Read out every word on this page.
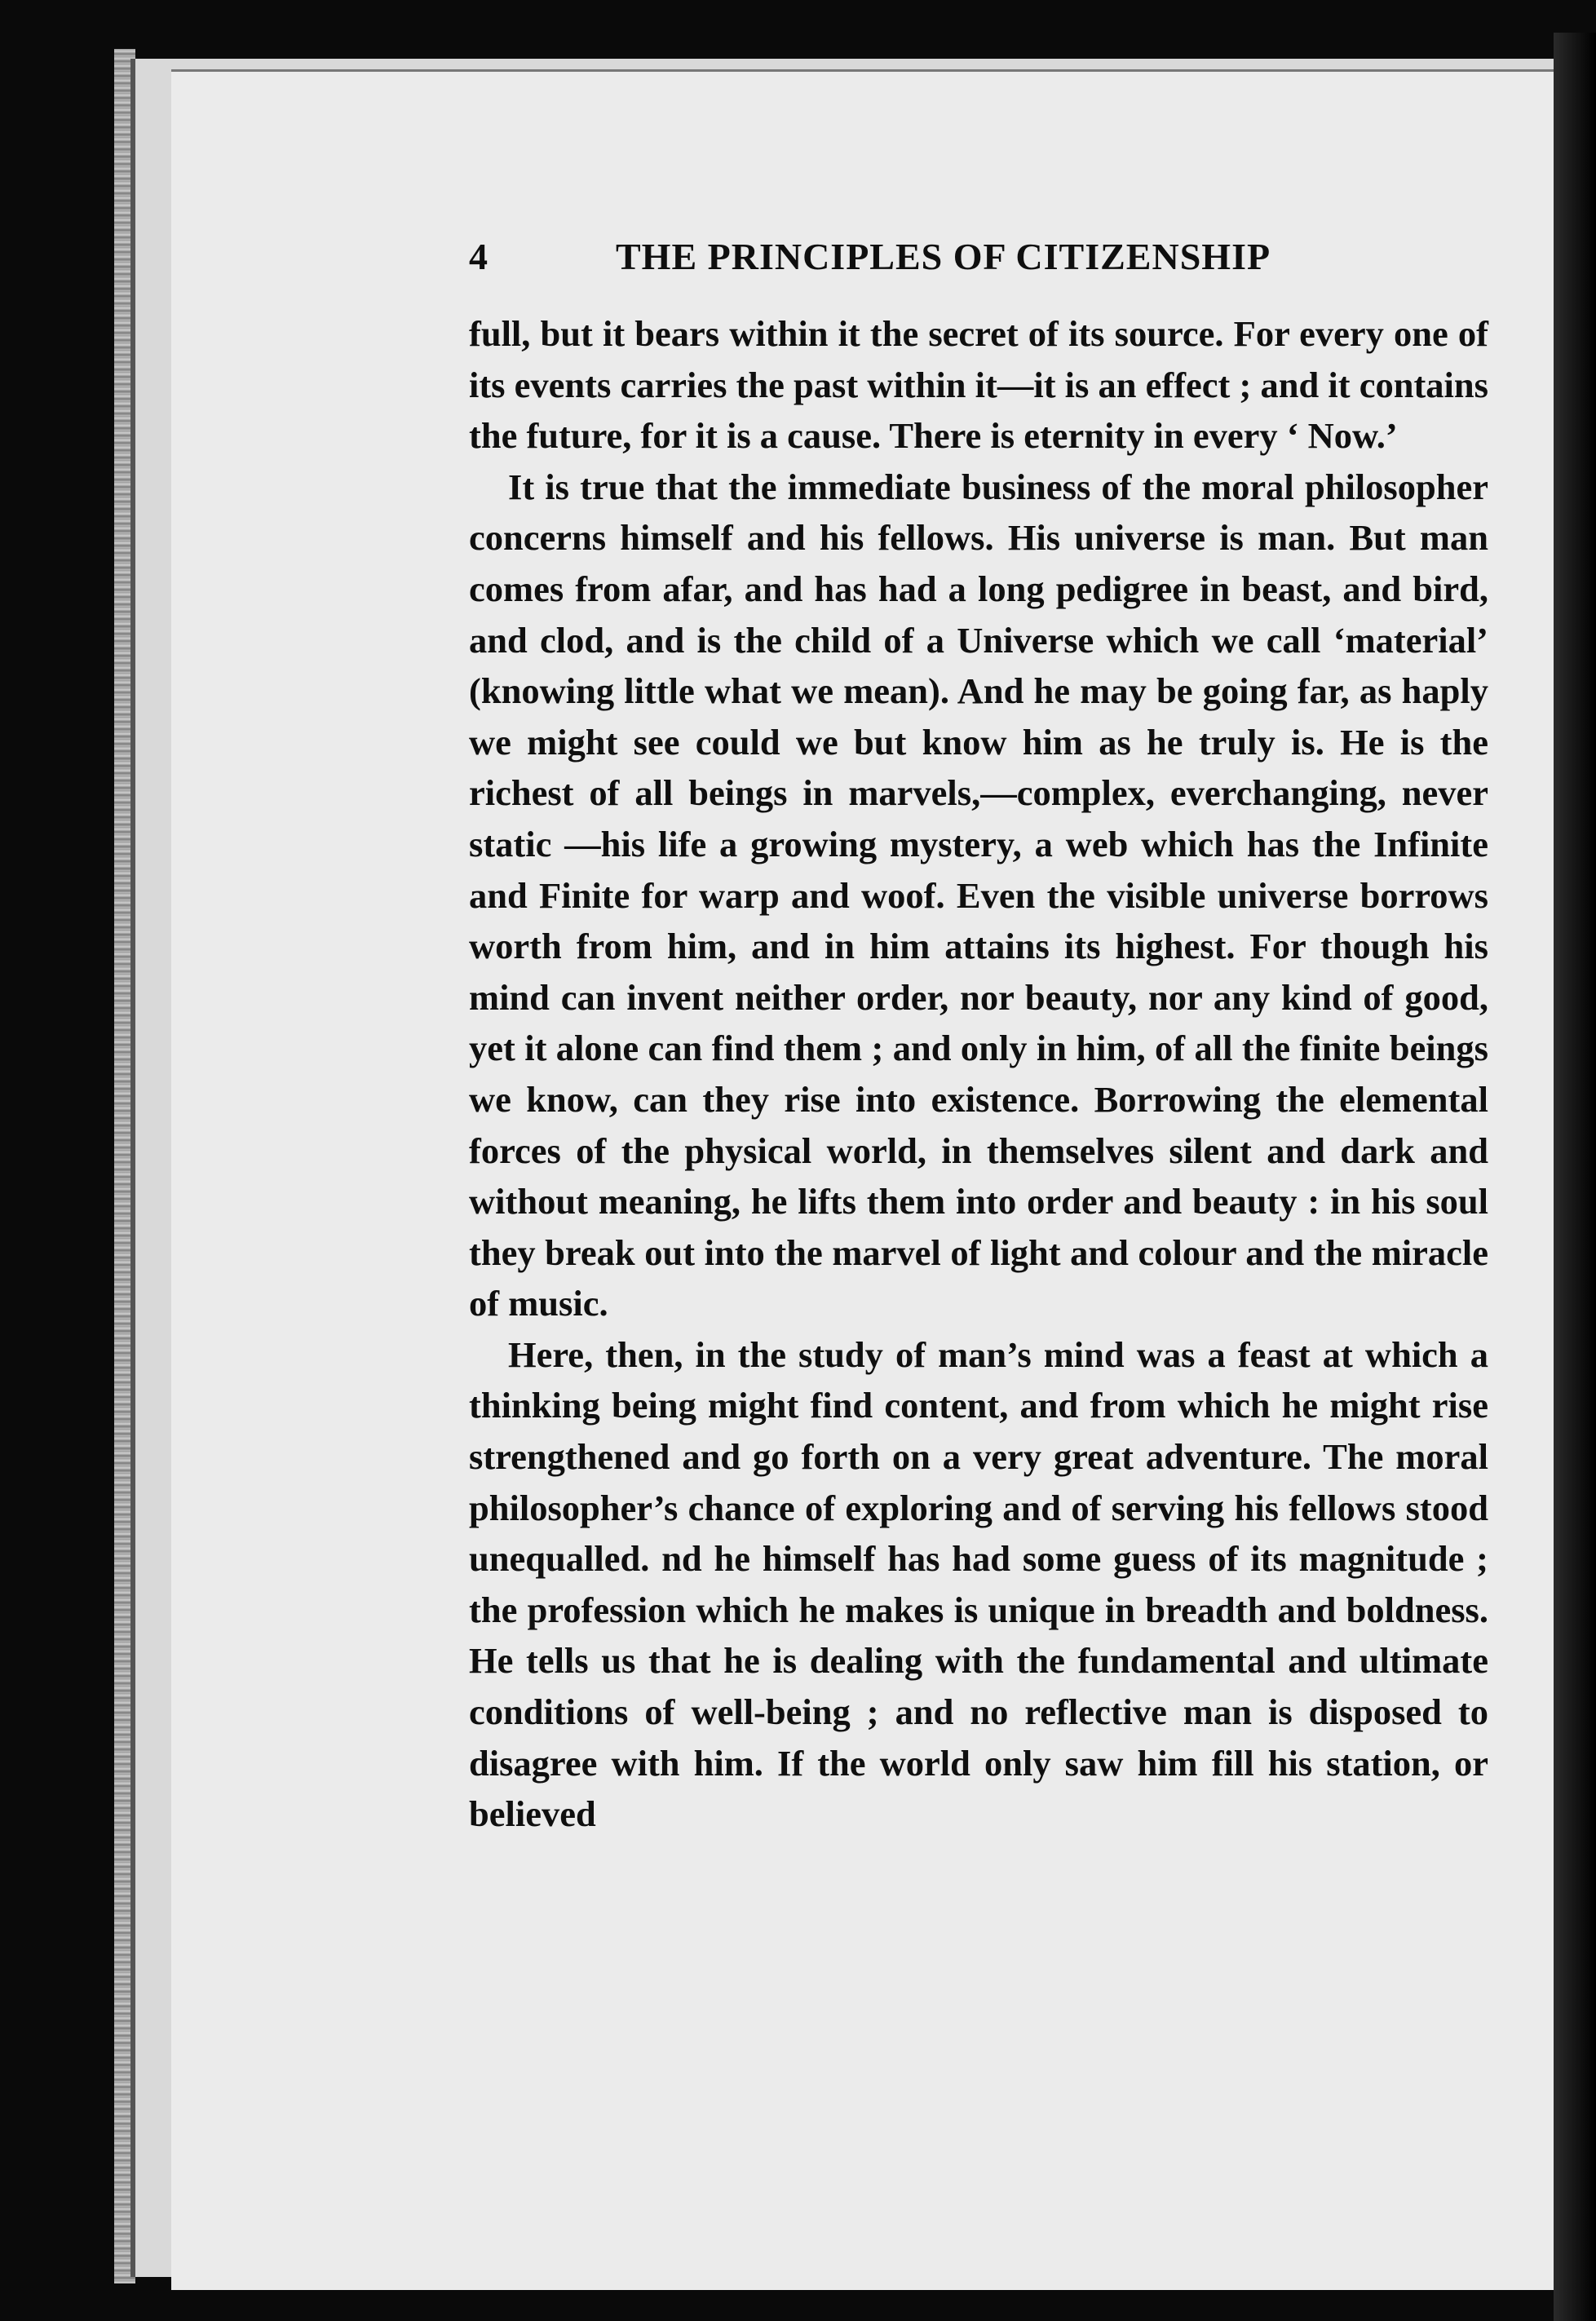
4	THE PRINCIPLES OF CITIZENSHIP

full, but it bears within it the secret of its source. For every one of its events carries the past within it—it is an effect ; and it contains the future, for it is a cause. There is eternity in every ‘ Now.’

It is true that the immediate business of the moral philosopher concerns himself and his fellows. His universe is man. But man comes from afar, and has had a long pedigree in beast, and bird, and clod, and is the child of a Universe which we call ‘material’ (knowing little what we mean). And he may be going far, as haply we might see could we but know him as he truly is. He is the richest of all beings in marvels,—complex, everchanging, never static —his life a growing mystery, a web which has the Infinite and Finite for warp and woof. Even the visible universe borrows worth from him, and in him attains its highest. For though his mind can invent neither order, nor beauty, nor any kind of good, yet it alone can find them ; and only in him, of all the finite beings we know, can they rise into existence. Borrowing the elemental forces of the physical world, in themselves silent and dark and without meaning, he lifts them into order and beauty : in his soul they break out into the marvel of light and colour and the miracle of music.

Here, then, in the study of man’s mind was a feast at which a thinking being might find content, and from which he might rise strengthened and go forth on a very great adventure. The moral philosopher’s chance of exploring and of serving his fellows stood unequalled. nd he himself has had some guess of its magnitude ; the profession which he makes is unique in breadth and boldness. He tells us that he is dealing with the fundamental and ultimate conditions of well-being ; and no reflective man is disposed to disagree with him. If the world only saw him fill his station, or believed
